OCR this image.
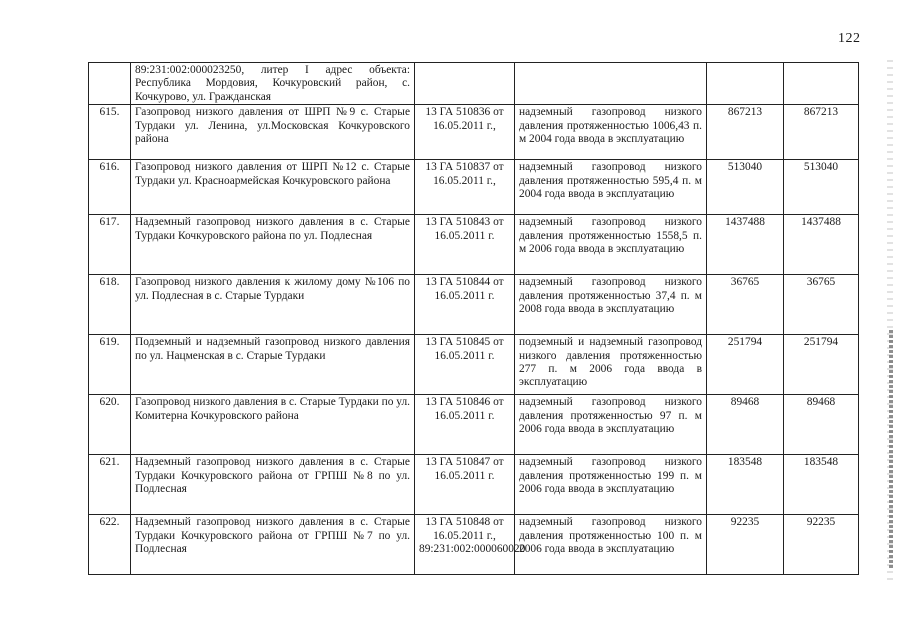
122
	89:231:002:000023250, литер I адрес объекта: Республика Мордовия, Кочкуровский район, с. Кочкурово, ул. Гражданская				
615.	Газопровод низкого давления от ШРП №9 с. Старые Турдаки ул. Ленина, ул.Московская Кочкуровского района	13 ГА 510836 от 16.05.2011 г.,	надземный газопровод низкого давления протяженностью 1006,43 п. м 2004 года ввода в эксплуатацию	867213	867213
616.	Газопровод низкого давления от ШРП №12 с. Старые Турдаки ул. Красноармейская Кочкуровского района	13 ГА 510837 от 16.05.2011 г.,	надземный газопровод низкого давления протяженностью 595,4 п. м 2004 года ввода в эксплуатацию	513040	513040
617.	Надземный газопровод низкого давления в с. Старые Турдаки Кочкуровского района по ул. Подлесная	13 ГА 510843 от 16.05.2011 г.	надземный газопровод низкого давления протяженностью 1558,5 п. м 2006 года ввода в эксплуатацию	1437488	1437488
618.	Газопровод низкого давления к жилому дому №106 по ул. Подлесная в с. Старые Турдаки	13 ГА 510844 от 16.05.2011 г.	надземный газопровод низкого давления протяженностью 37,4 п. м 2008 года ввода в эксплуатацию	36765	36765
619.	Подземный и надземный газопровод низкого давления по ул. Нацменская в с. Старые Турдаки	13 ГА 510845 от 16.05.2011 г.	подземный и надземный газопровод низкого давления протяженностью 277 п. м 2006 года ввода в эксплуатацию	251794	251794
620.	Газопровод низкого давления в с. Старые Турдаки по ул. Комитерна Кочкуровского района	13 ГА 510846 от 16.05.2011 г.	надземный газопровод низкого давления протяженностью 97 п. м 2006 года ввода в эксплуатацию	89468	89468
621.	Надземный газопровод низкого давления в с. Старые Турдаки Кочкуровского района от ГРПШ №8 по ул. Подлесная	13 ГА 510847 от 16.05.2011 г.	надземный газопровод низкого давления протяженностью 199 п. м 2006 года ввода в эксплуатацию	183548	183548
622.	Надземный газопровод низкого давления в с. Старые Турдаки Кочкуровского района от ГРПШ №7 по ул. Подлесная	13 ГА 510848 от 16.05.2011 г., 89:231:002:000060020	надземный газопровод низкого давления протяженностью 100 п. м 2006 года ввода в эксплуатацию	92235	92235
